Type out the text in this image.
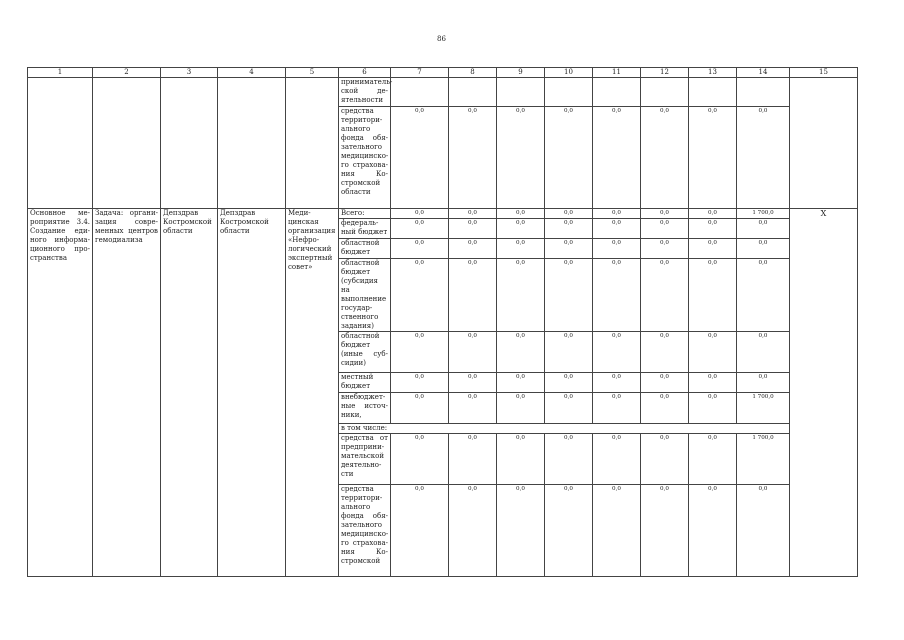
86
1	2	3	4	5	6	7	8	9	10	11	12	13	14	15
					принимательской деятельности									
					средства территориального фонда обязательного медицинского страхования Костромской области	0,0	0,0	0,0	0,0	0,0	0,0	0,0	0,0	
Основное мероприятие 3.4. Создание единого информационного пространства	Задача: организация современных центров гемодиализа	Депздрав Костромской области	Депздрав Костромской области	Медицинская организация «Нефрологический экспертный совет»	Всего:	0,0	0,0	0,0	0,0	0,0	0,0	0,0	1 700,0	Х
					федеральный бюджет	0,0	0,0	0,0	0,0	0,0	0,0	0,0	0,0	
					областной бюджет	0,0	0,0	0,0	0,0	0,0	0,0	0,0	0,0	
					областной бюджет (субсидия на выполнение государственного задания)	0,0	0,0	0,0	0,0	0,0	0,0	0,0	0,0	
					областной бюджет (иные субсидии)	0,0	0,0	0,0	0,0	0,0	0,0	0,0	0,0	
					местный бюджет	0,0	0,0	0,0	0,0	0,0	0,0	0,0	0,0	
					внебюджетные источники,	0,0	0,0	0,0	0,0	0,0	0,0	0,0	1 700,0	
					в том числе:									
					средства от предпринимательской деятельности	0,0	0,0	0,0	0,0	0,0	0,0	0,0	1 700,0	
					средства территориального фонда обязательного медицинского страхования Костромской	0,0	0,0	0,0	0,0	0,0	0,0	0,0	0,0	
